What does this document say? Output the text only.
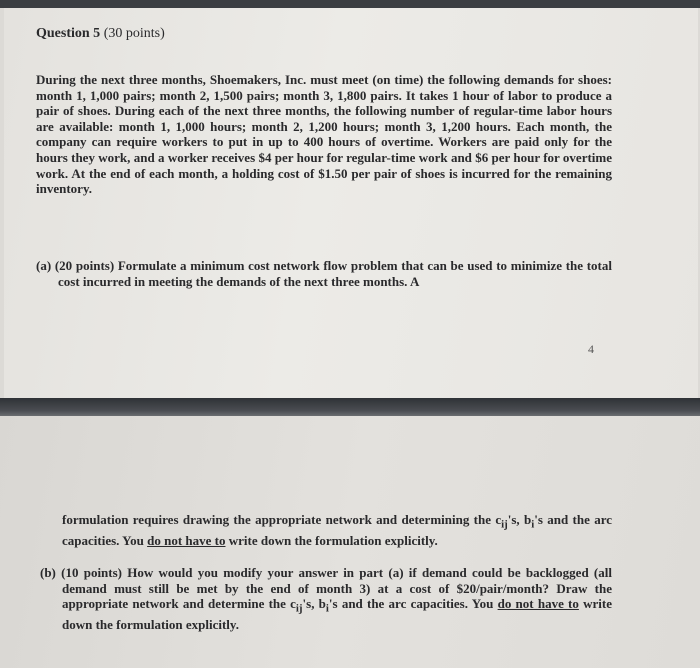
Question 5 (30 points)

During the next three months, Shoemakers, Inc. must meet (on time) the following demands for shoes: month 1, 1,000 pairs; month 2, 1,500 pairs; month 3, 1,800 pairs. It takes 1 hour of labor to produce a pair of shoes. During each of the next three months, the following number of regular-time labor hours are available: month 1, 1,000 hours; month 2, 1,200 hours; month 3, 1,200 hours. Each month, the company can require workers to put in up to 400 hours of overtime. Workers are paid only for the hours they work, and a worker receives $4 per hour for regular-time work and $6 per hour for overtime work. At the end of each month, a holding cost of $1.50 per pair of shoes is incurred for the remaining inventory.

(a) (20 points) Formulate a minimum cost network flow problem that can be used to minimize the total cost incurred in meeting the demands of the next three months. A

4

formulation requires drawing the appropriate network and determining the $c_{ij}'s$, $b_i's$ and the arc capacities. You do not have to write down the formulation explicitly.

(b) (10 points) How would you modify your answer in part (a) if demand could be backlogged (all demand must still be met by the end of month 3) at a cost of $20/pair/month? Draw the appropriate network and determine the $c_{ij}'s$, $b_i's$ and the arc capacities. You do not have to write down the formulation explicitly.
